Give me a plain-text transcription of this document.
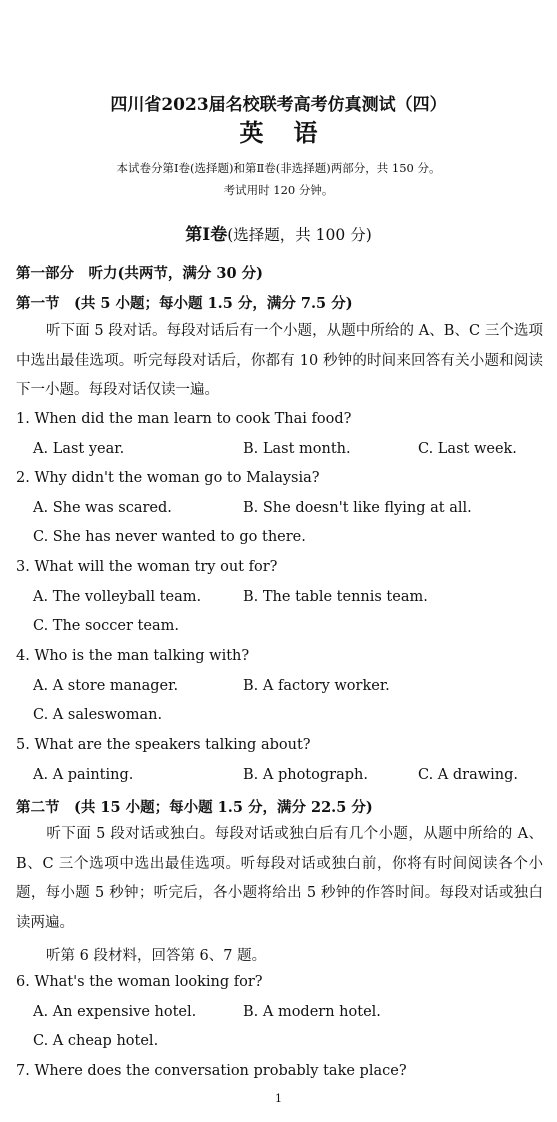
四川省2023届名校联考高考仿真测试（四）
英语
本试卷分第Ⅰ卷(选择题)和第Ⅱ卷(非选择题)两部分，共 150 分。
考试用时 120 分钟。
第Ⅰ卷(选择题，共 100 分)
第一部分　听力(共两节，满分 30 分)
第一节　(共 5 小题；每小题 1.5 分，满分 7.5 分)
听下面 5 段对话。每段对话后有一个小题，从题中所给的 A、B、C 三个选项中选出最佳选项。听完每段对话后，你都有 10 秒钟的时间来回答有关小题和阅读下一小题。每段对话仅读一遍。
1. When did the man learn to cook Thai food?
A. Last year.	B. Last month.	C. Last week.
2. Why didn't the woman go to Malaysia?
A. She was scared.	B. She doesn't like flying at all.
C. She has never wanted to go there.
3. What will the woman try out for?
A. The volleyball team.	B. The table tennis team.
C. The soccer team.
4. Who is the man talking with?
A. A store manager.	B. A factory worker.
C. A saleswoman.
5. What are the speakers talking about?
A. A painting.	B. A photograph.	C. A drawing.
第二节　(共 15 小题；每小题 1.5 分，满分 22.5 分)
听下面 5 段对话或独白。每段对话或独白后有几个小题，从题中所给的 A、B、C 三个选项中选出最佳选项。听每段对话或独白前，你将有时间阅读各个小题，每小题 5 秒钟；听完后，各小题将给出 5 秒钟的作答时间。每段对话或独白读两遍。
听第 6 段材料，回答第 6、7 题。
6. What's the woman looking for?
A. An expensive hotel.	B. A modern hotel.
C. A cheap hotel.
7. Where does the conversation probably take place?
1
